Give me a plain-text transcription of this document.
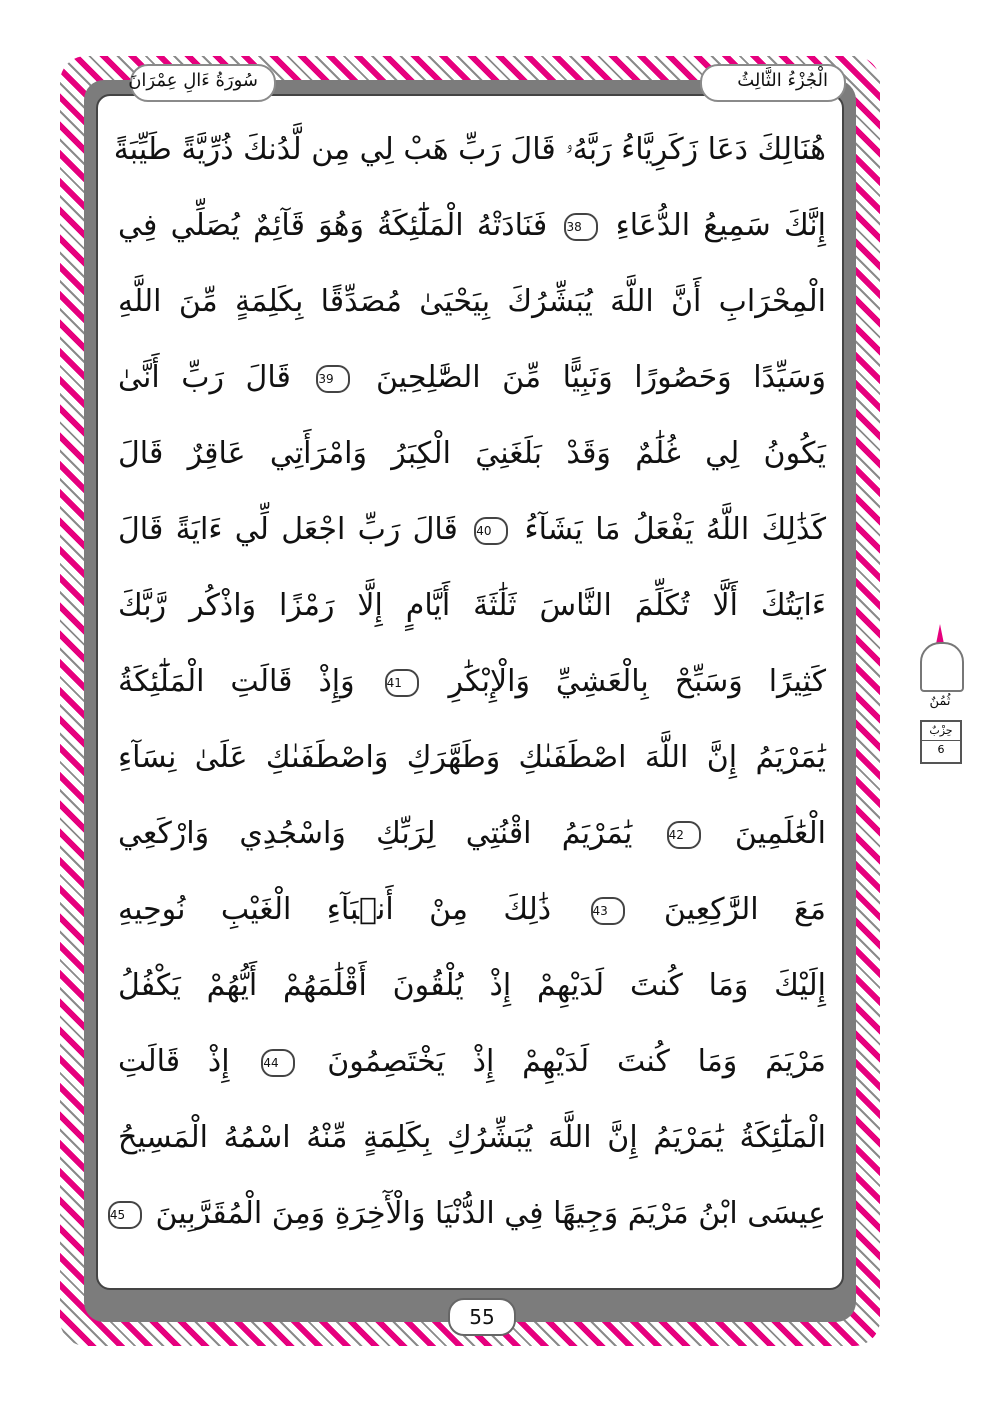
الْجُزْءُ الثَّالِثُ
سُورَةُ ءَالِ عِمْرَانَ
هُنَالِكَ دَعَا زَكَرِيَّاءُ رَبَّهُۥ قَالَ رَبِّ هَبْ لِي مِن لَّدُنكَ ذُرِّيَّةً طَيِّبَةً
إِنَّكَ سَمِيعُ الدُّعَاءِ 38 فَنَادَتْهُ الْمَلَٰٓئِكَةُ وَهُوَ قَآئِمٌ يُصَلِّي فِي
الْمِحْرَابِ أَنَّ اللَّهَ يُبَشِّرُكَ بِيَحْيَىٰ مُصَدِّقًا بِكَلِمَةٍ مِّنَ اللَّهِ
وَسَيِّدًا وَحَصُورًا وَنَبِيًّا مِّنَ الصَّٰلِحِينَ 39 قَالَ رَبِّ أَنَّىٰ
يَكُونُ لِي غُلَٰمٌ وَقَدْ بَلَغَنِيَ الْكِبَرُ وَامْرَأَتِي عَاقِرٌ قَالَ
كَذَٰلِكَ اللَّهُ يَفْعَلُ مَا يَشَآءُ 40 قَالَ رَبِّ اجْعَل لِّي ءَايَةً قَالَ
ءَايَتُكَ أَلَّا تُكَلِّمَ النَّاسَ ثَلَٰثَةَ أَيَّامٍ إِلَّا رَمْزًا وَاذْكُر رَّبَّكَ
كَثِيرًا وَسَبِّحْ بِالْعَشِيِّ وَالْإِبْكَٰرِ 41 وَإِذْ قَالَتِ الْمَلَٰٓئِكَةُ
يَٰمَرْيَمُ إِنَّ اللَّهَ اصْطَفَىٰكِ وَطَهَّرَكِ وَاصْطَفَىٰكِ عَلَىٰ نِسَآءِ
الْعَٰلَمِينَ 42 يَٰمَرْيَمُ اقْنُتِي لِرَبِّكِ وَاسْجُدِي وَارْكَعِي
مَعَ الرَّٰكِعِينَ 43 ذَٰلِكَ مِنْ أَنۢبَآءِ الْغَيْبِ نُوحِيهِ
إِلَيْكَ وَمَا كُنتَ لَدَيْهِمْ إِذْ يُلْقُونَ أَقْلَٰمَهُمْ أَيُّهُمْ يَكْفُلُ
مَرْيَمَ وَمَا كُنتَ لَدَيْهِمْ إِذْ يَخْتَصِمُونَ 44 إِذْ قَالَتِ
الْمَلَٰٓئِكَةُ يَٰمَرْيَمُ إِنَّ اللَّهَ يُبَشِّرُكِ بِكَلِمَةٍ مِّنْهُ اسْمُهُ الْمَسِيحُ
عِيسَى ابْنُ مَرْيَمَ وَجِيهًا فِي الدُّنْيَا وَالْأٓخِرَةِ وَمِنَ الْمُقَرَّبِينَ 45
55
ثُمُنٌ
حِزْبٌ
6
